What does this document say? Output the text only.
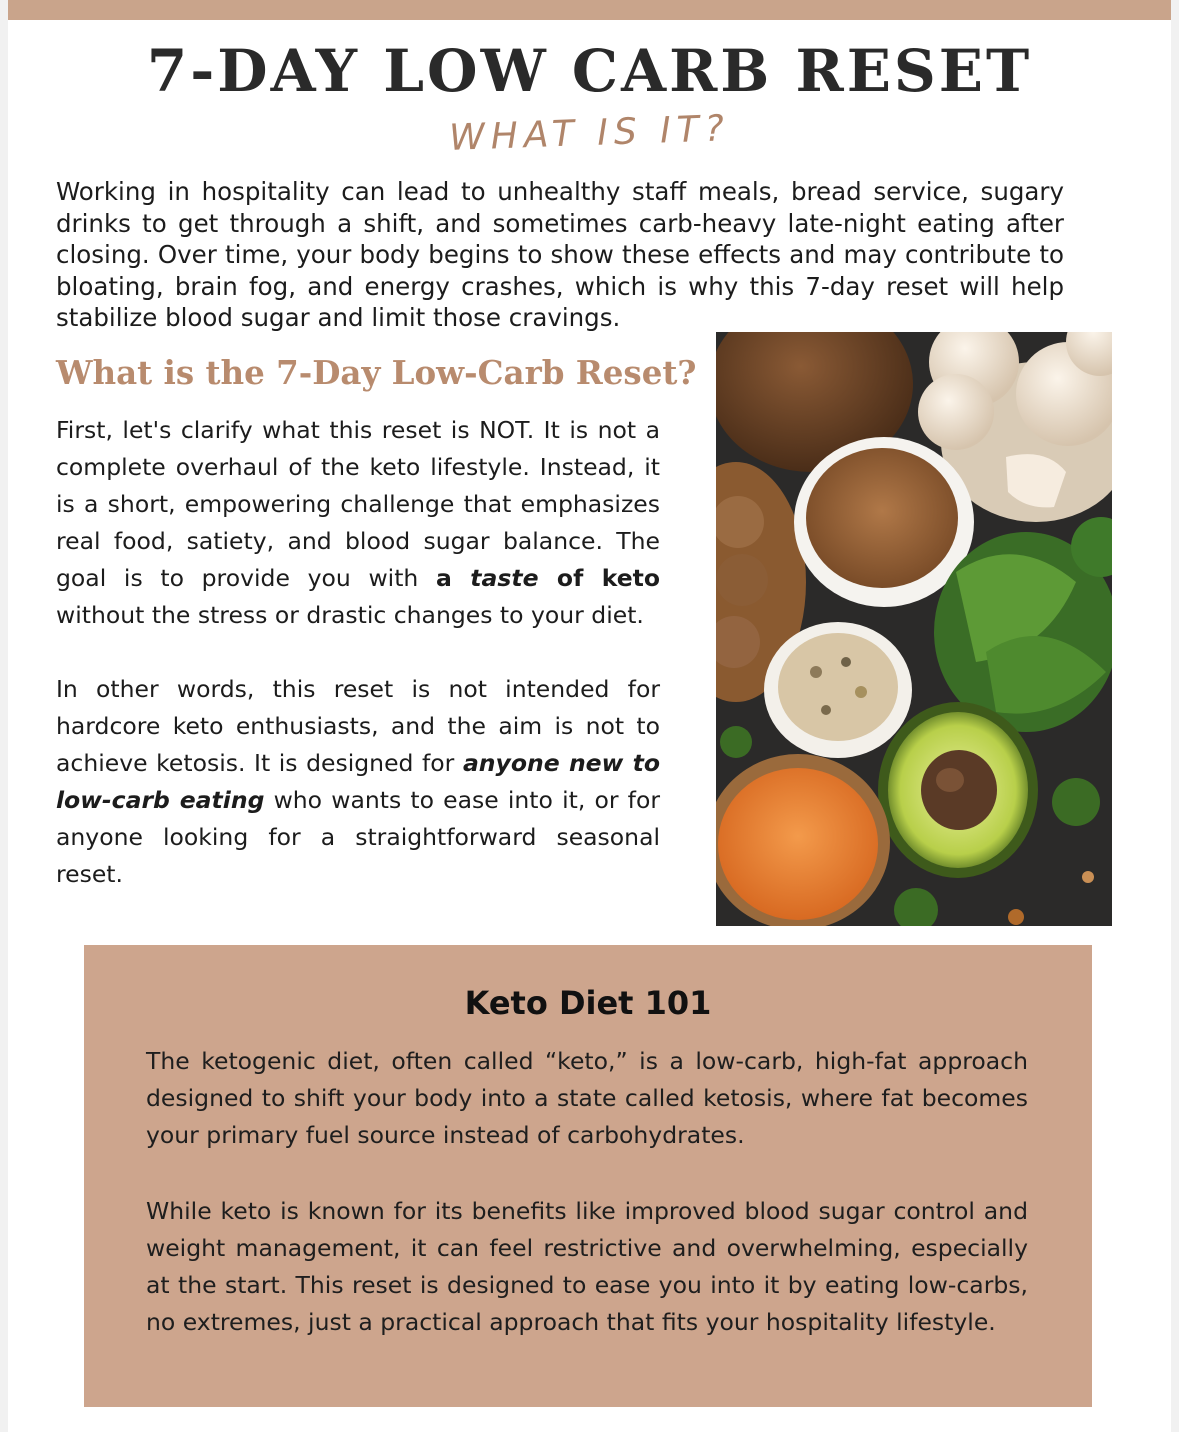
7-DAY LOW CARB RESET
WHAT IS IT?

Working in hospitality can lead to unhealthy staff meals, bread service, sugary drinks to get through a shift, and sometimes carb-heavy late-night eating after closing. Over time, your body begins to show these effects and may contribute to bloating, brain fog, and energy crashes, which is why this 7-day reset will help stabilize blood sugar and limit those cravings.

What is the 7-Day Low-Carb Reset?

First, let's clarify what this reset is NOT. It is not a complete overhaul of the keto lifestyle. Instead, it is a short, empowering challenge that emphasizes real food, satiety, and blood sugar balance. The goal is to provide you with a taste of keto without the stress or drastic changes to your diet.

In other words, this reset is not intended for hardcore keto enthusiasts, and the aim is not to achieve ketosis. It is designed for anyone new to low-carb eating who wants to ease into it, or for anyone looking for a straightforward seasonal reset.

Keto Diet 101

The ketogenic diet, often called “keto,” is a low-carb, high-fat approach designed to shift your body into a state called ketosis, where fat becomes your primary fuel source instead of carbohydrates.

While keto is known for its benefits like improved blood sugar control and weight management, it can feel restrictive and overwhelming, especially at the start. This reset is designed to ease you into it by eating low-carbs, no extremes, just a practical approach that fits your hospitality lifestyle.
